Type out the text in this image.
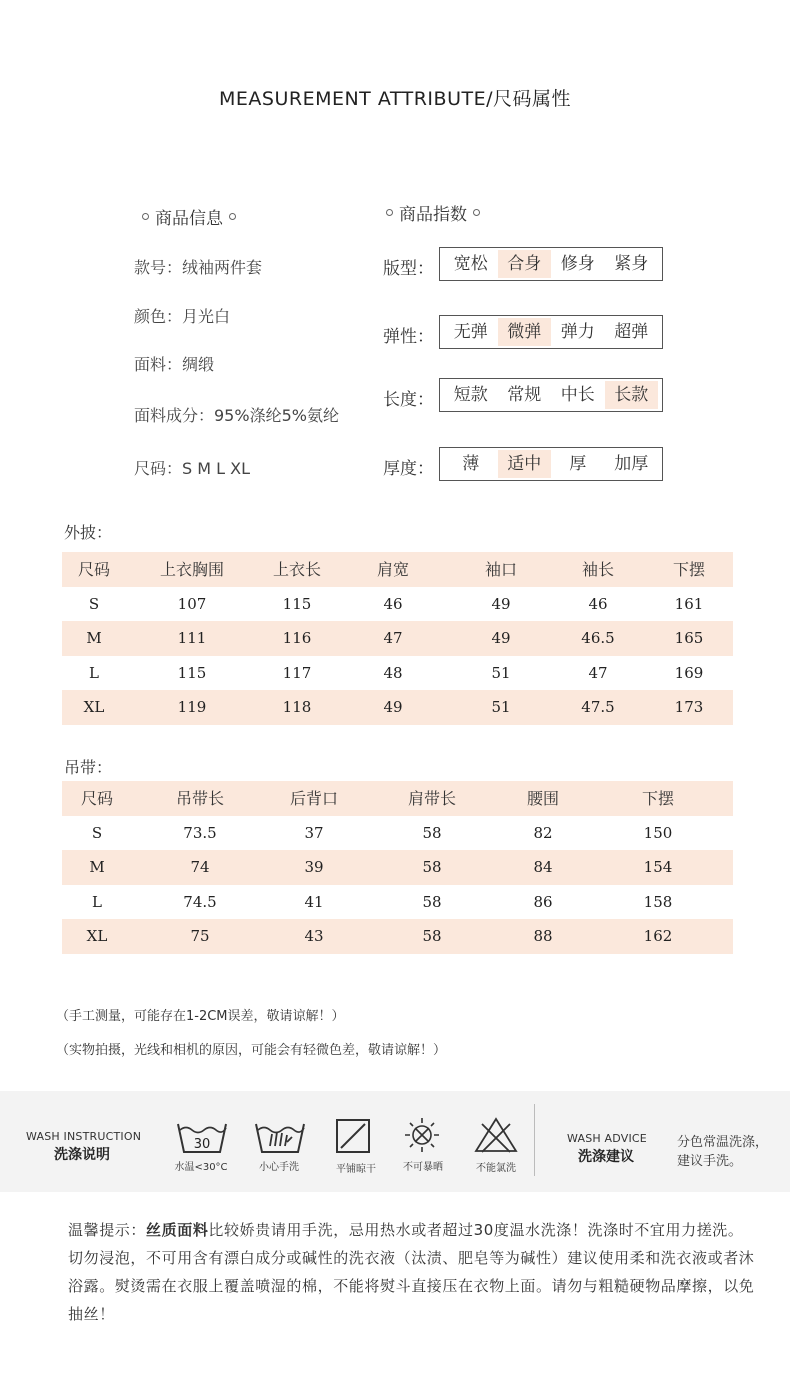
MEASUREMENT ATTRIBUTE/尺码属性
商品信息
款号：绒袖两件套
颜色：月光白
面料：绸缎
面料成分：95%涤纶5%氨纶
尺码：S M L XL
商品指数
版型：	宽松	合身	修身	紧身
弹性：	无弹	微弹	弹力	超弹
长度：	短款	常规	中长	长款
厚度：	薄	适中	厚	加厚
外披：
尺码	上衣胸围	上衣长	肩宽	袖口	袖长	下摆
S	107	115	46	49	46	161
M	111	116	47	49	46.5	165
L	115	117	48	51	47	169
XL	119	118	49	51	47.5	173
吊带：
尺码	吊带长	后背口	肩带长	腰围	下摆
S	73.5	37	58	82	150
M	74	39	58	84	154
L	74.5	41	58	86	158
XL	75	43	58	88	162
（手工测量，可能存在1-2CM误差，敬请谅解！）
（实物拍摄，光线和相机的原因，可能会有轻微色差，敬请谅解！）
WASH INSTRUCTION
洗涤说明
30
水温<30°C	小心手洗	平铺晾干	不可暴晒	不能氯洗
WASH ADVICE
洗涤建议
分色常温洗涤，
建议手洗。
温馨提示：丝质面料比较娇贵请用手洗，忌用热水或者超过30度温水洗涤！洗涤时不宜用力搓洗。切勿浸泡，不可用含有漂白成分或碱性的洗衣液（汰渍、肥皂等为碱性）建议使用柔和洗衣液或者沐浴露。熨烫需在衣服上覆盖喷湿的棉，不能将熨斗直接压在衣物上面。请勿与粗糙硬物品摩擦，以免抽丝！
